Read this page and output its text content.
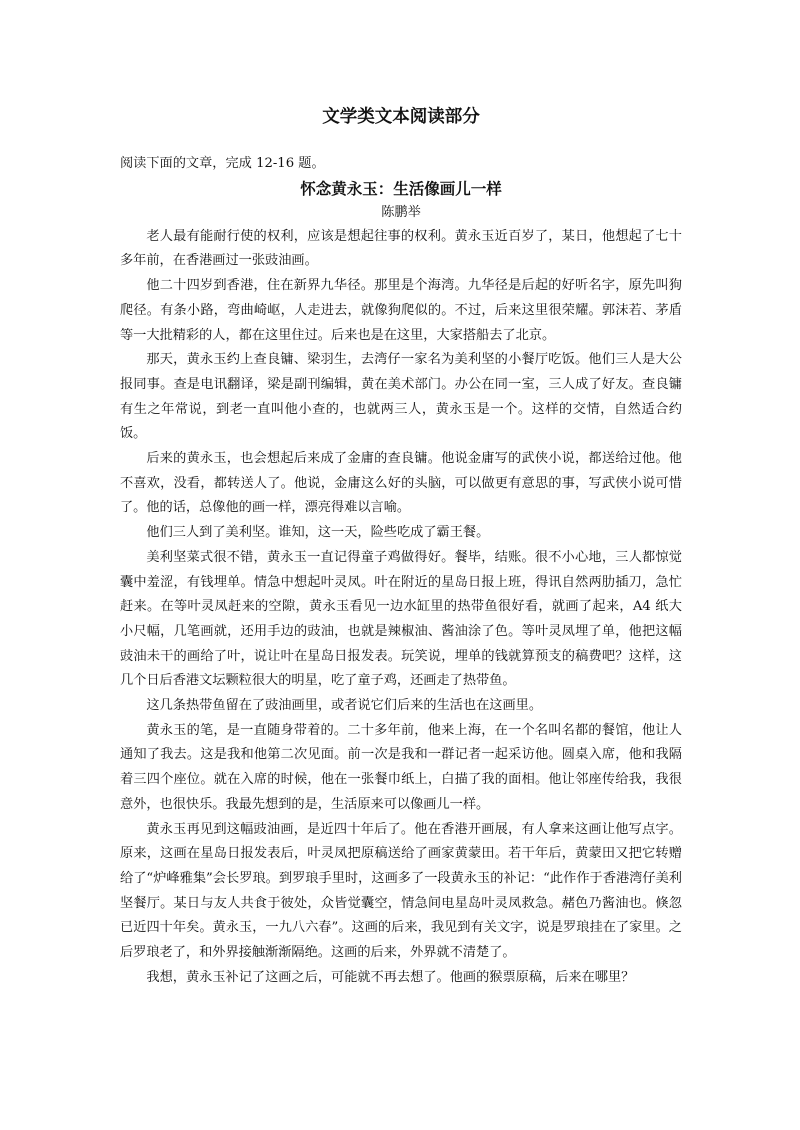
文学类文本阅读部分

阅读下面的文章，完成 12-16 题。

怀念黄永玉：生活像画儿一样

陈鹏举

老人最有能耐行使的权利，应该是想起往事的权利。黄永玉近百岁了，某日，他想起了七十多年前，在香港画过一张豉油画。

他二十四岁到香港，住在新界九华径。那里是个海湾。九华径是后起的好听名字，原先叫狗爬径。有条小路，弯曲崎岖，人走进去，就像狗爬似的。不过，后来这里很荣耀。郭沫若、茅盾等一大批精彩的人，都在这里住过。后来也是在这里，大家搭船去了北京。

那天，黄永玉约上查良镛、梁羽生，去湾仔一家名为美利坚的小餐厅吃饭。他们三人是大公报同事。查是电讯翻译，梁是副刊编辑，黄在美术部门。办公在同一室，三人成了好友。查良镛有生之年常说，到老一直叫他小查的，也就两三人，黄永玉是一个。这样的交情，自然适合约饭。

后来的黄永玉，也会想起后来成了金庸的查良镛。他说金庸写的武侠小说，都送给过他。他不喜欢，没看，都转送人了。他说，金庸这么好的头脑，可以做更有意思的事，写武侠小说可惜了。他的话，总像他的画一样，漂亮得难以言喻。

他们三人到了美利坚。谁知，这一天，险些吃成了霸王餐。

美利坚菜式很不错，黄永玉一直记得童子鸡做得好。餐毕，结账。很不小心地，三人都惊觉囊中羞涩，有钱埋单。情急中想起叶灵凤。叶在附近的星岛日报上班，得讯自然两肋插刀，急忙赶来。在等叶灵凤赶来的空隙，黄永玉看见一边水缸里的热带鱼很好看，就画了起来，A4 纸大小尺幅，几笔画就，还用手边的豉油，也就是辣椒油、酱油涂了色。等叶灵凤埋了单，他把这幅豉油未干的画给了叶，说让叶在星岛日报发表。玩笑说，埋单的钱就算预支的稿费吧？这样，这几个日后香港文坛颗粒很大的明星，吃了童子鸡，还画走了热带鱼。

这几条热带鱼留在了豉油画里，或者说它们后来的生活也在这画里。

黄永玉的笔，是一直随身带着的。二十多年前，他来上海，在一个名叫名都的餐馆，他让人通知了我去。这是我和他第二次见面。前一次是我和一群记者一起采访他。圆桌入席，他和我隔着三四个座位。就在入席的时候，他在一张餐巾纸上，白描了我的面相。他让邻座传给我，我很意外，也很快乐。我最先想到的是，生活原来可以像画儿一样。

黄永玉再见到这幅豉油画，是近四十年后了。他在香港开画展，有人拿来这画让他写点字。原来，这画在星岛日报发表后，叶灵凤把原稿送给了画家黄蒙田。若干年后，黄蒙田又把它转赠给了“炉峰雅集”会长罗琅。到罗琅手里时，这画多了一段黄永玉的补记：“此作作于香港湾仔美利坚餐厅。某日与友人共食于彼处，众皆觉囊空，情急间电星岛叶灵凤救急。赭色乃酱油也。倏忽已近四十年矣。黄永玉，一九八六春”。这画的后来，我见到有关文字，说是罗琅挂在了家里。之后罗琅老了，和外界接触渐渐隔绝。这画的后来，外界就不清楚了。

我想，黄永玉补记了这画之后，可能就不再去想了。他画的猴票原稿，后来在哪里？
